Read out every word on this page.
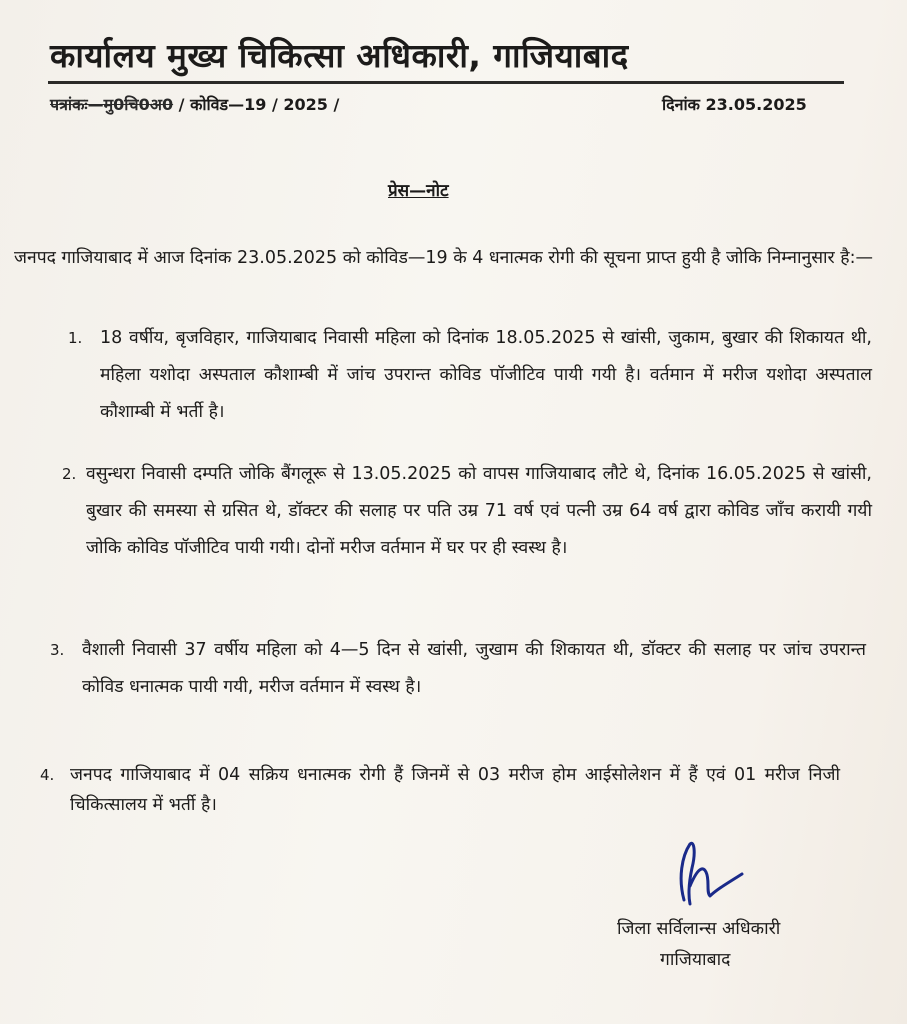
कार्यालय मुख्य चिकित्सा अधिकारी, गाजियाबाद
पत्रांकः—मु0चि0अ0 / कोविड—19 / 2025 /	दिनांक 23.05.2025
प्रेस—नोट
जनपद गाजियाबाद में आज दिनांक 23.05.2025 को कोविड—19 के 4 धनात्मक रोगी की सूचना प्राप्त हुयी है जोकि निम्नानुसार है:—
1. 18 वर्षीय, बृजविहार, गाजियाबाद निवासी महिला को दिनांक 18.05.2025 से खांसी, जुकाम, बुखार की शिकायत थी, महिला यशोदा अस्पताल कौशाम्बी में जांच उपरान्त कोविड पॉजीटिव पायी गयी है। वर्तमान में मरीज यशोदा अस्पताल कौशाम्बी में भर्ती है।
2. वसुन्धरा निवासी दम्पति जोकि बैंगलूरू से 13.05.2025 को वापस गाजियाबाद लौटे थे, दिनांक 16.05.2025 से खांसी, बुखार की समस्या से ग्रसित थे, डॉक्टर की सलाह पर पति उम्र 71 वर्ष एवं पत्नी उम्र 64 वर्ष द्वारा कोविड जाँच करायी गयी जोकि कोविड पॉजीटिव पायी गयी। दोनों मरीज वर्तमान में घर पर ही स्वस्थ है।
3. वैशाली निवासी 37 वर्षीय महिला को 4—5 दिन से खांसी, जुखाम की शिकायत थी, डॉक्टर की सलाह पर जांच उपरान्त कोविड धनात्मक पायी गयी, मरीज वर्तमान में स्वस्थ है।
4. जनपद गाजियाबाद में 04 सक्रिय धनात्मक रोगी हैं जिनमें से 03 मरीज होम आईसोलेशन में हैं एवं 01 मरीज निजी चिकित्सालय में भर्ती है।
जिला सर्विलान्स अधिकारी
गाजियाबाद
